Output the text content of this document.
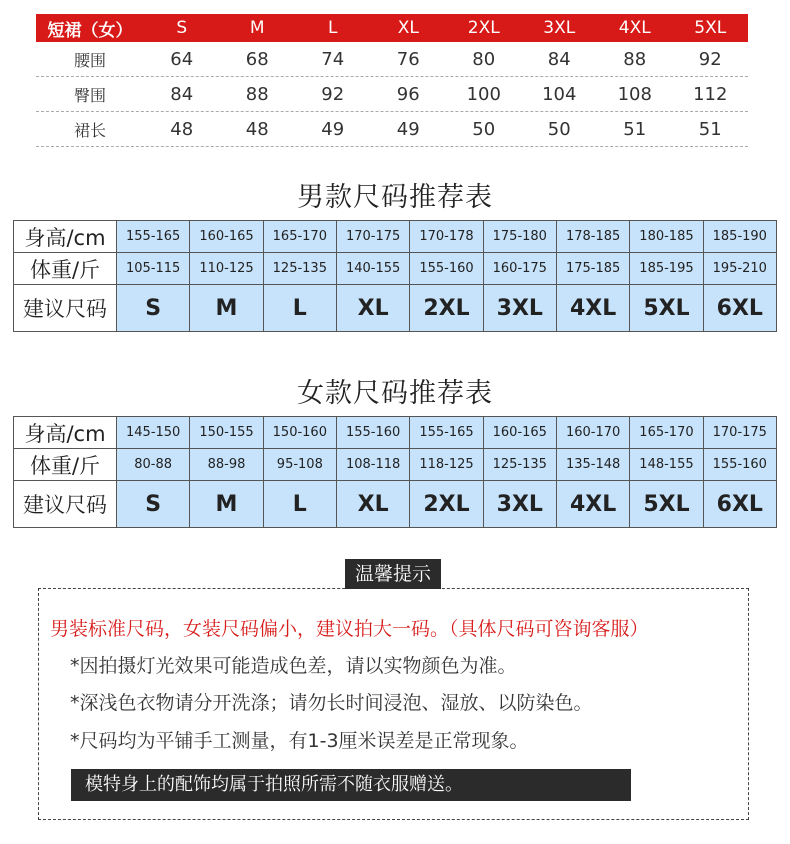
短裙（女）	S	M	L	XL	2XL	3XL	4XL	5XL
腰围	64	68	74	76	80	84	88	92
臀围	84	88	92	96	100	104	108	112
裙长	48	48	49	49	50	50	51	51
男款尺码推荐表
身高/cm	155-165	160-165	165-170	170-175	170-178	175-180	178-185	180-185	185-190
体重/斤	105-115	110-125	125-135	140-155	155-160	160-175	175-185	185-195	195-210
建议尺码	S	M	L	XL	2XL	3XL	4XL	5XL	6XL
女款尺码推荐表
身高/cm	145-150	150-155	150-160	155-160	155-165	160-165	160-170	165-170	170-175
体重/斤	80-88	88-98	95-108	108-118	118-125	125-135	135-148	148-155	155-160
建议尺码	S	M	L	XL	2XL	3XL	4XL	5XL	6XL
温馨提示
男装标准尺码，女装尺码偏小，建议拍大一码。（具体尺码可咨询客服）
*因拍摄灯光效果可能造成色差，请以实物颜色为准。
*深浅色衣物请分开洗涤；请勿长时间浸泡、湿放、以防染色。
*尺码均为平铺手工测量，有1-3厘米误差是正常现象。
模特身上的配饰均属于拍照所需不随衣服赠送。
